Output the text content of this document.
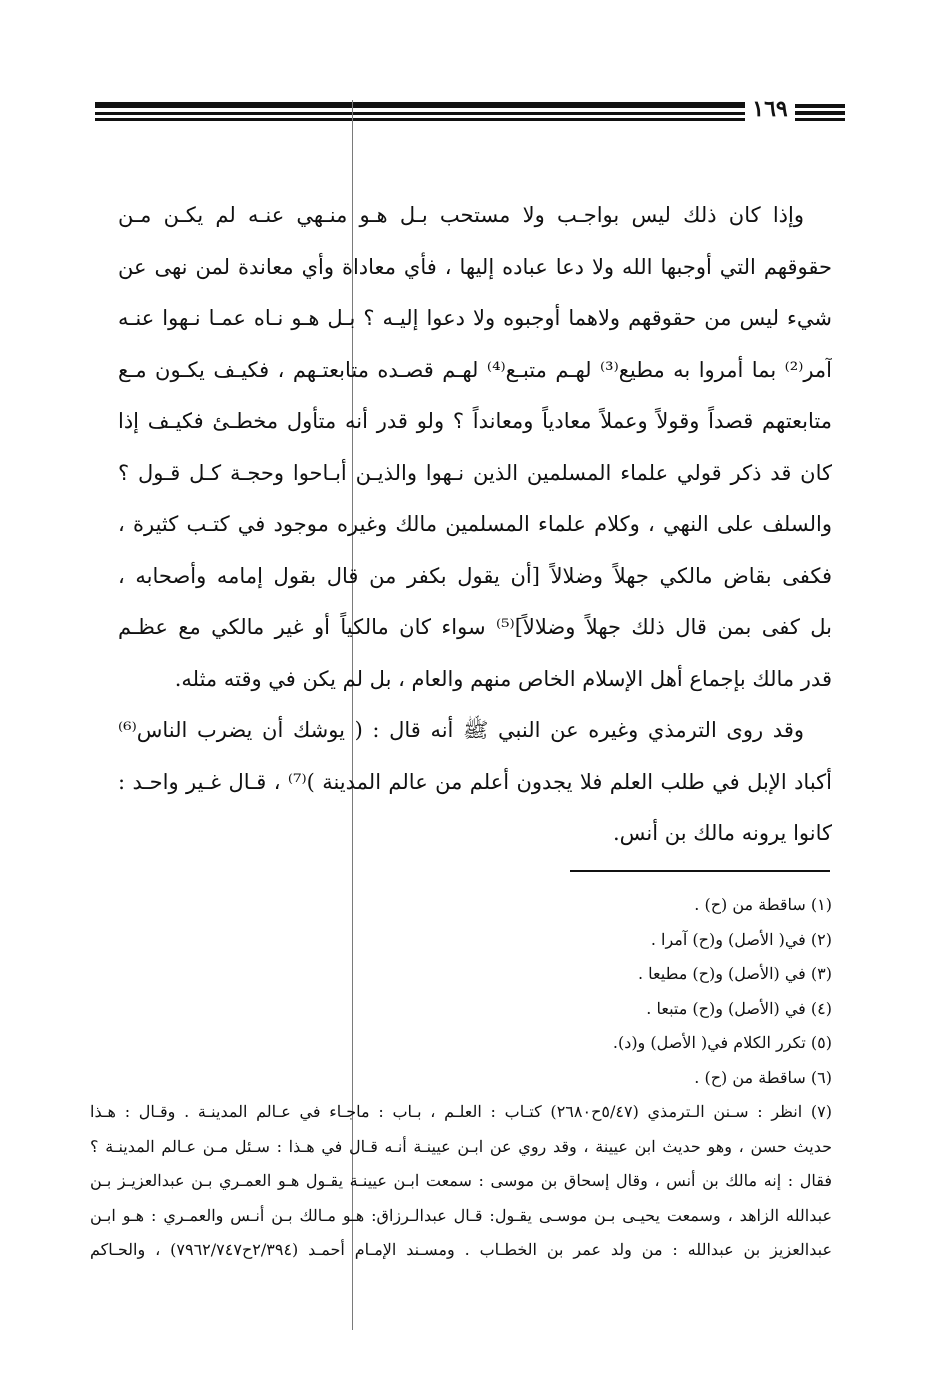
١٦٩
وإذا كان ذلك ليس بواجـب ولا مستحب بـل هـو منـهي عنـه لم يكـن مـن
حقوقهم التي أوجبها الله ولا دعا عباده إليها ، فأي معاداة وأي معاندة لمن نهى عن
شيء ليس من حقوقهم ولاهما أوجبوه ولا دعوا إليـه ؟ بـل هـو نـاه عمـا نـهوا عنـه
آمر⁽²⁾ بما أمروا به مطيع⁽³⁾ لهـم متبـع⁽⁴⁾ لهـم قصـده متابعتـهم ، فكيـف يكـون مـع
متابعتهم قصداً وقولاً وعملاً معادياً ومعانداً ؟ ولو قدر أنه متأول مخطـئ فكيـف إذا
كان قد ذكر قولي علماء المسلمين الذين نـهوا والذيـن أبـاحوا وحجـة كـل قـول ؟
والسلف على النهي ، وكلام علماء المسلمين مالك وغيره موجود في كتـب كثيرة ،
فكفى بقاض مالكي جهلاً وضلالاً [أن يقول بكفر من قال بقول إمامه وأصحابه ،
بل كفى بمن قال ذلك جهلاً وضلالاً]⁽⁵⁾ سواء كان مالكياً أو غير مالكي مع عظـم
قدر مالك بإجماع أهل الإسلام الخاص منهم والعام ، بل لم يكن في وقته مثله.
وقد روى الترمذي وغيره عن النبي ﷺ أنه قال : ( يوشك أن يضرب الناس⁽⁶⁾
أكباد الإبل في طلب العلم فلا يجدون أعلم من عالم المدينة )⁽⁷⁾ ، قـال غـير واحـد :
كانوا يرونه مالك بن أنس.
(١) ساقطة من (ح) .
(٢) في( الأصل) و(ح) آمرا .
(٣) في (الأصل) و(ح) مطيعا .
(٤) في (الأصل) و(ح) متبعا .
(٥) تكرر الكلام في( الأصل) و(د).
(٦) ساقطة من (ح) .
(٧) انظر : سـنن الـترمذي (٥/٤٧ح٢٦٨٠) كتـاب : العلـم ، بـاب : ماجـاء في عـالم المدينـة . وقـال : هـذا
حديث حسن ، وهو حديث ابن عيينة ، وقد روي عن ابـن عيينـة أنـه قـال في هـذا : سـئل مـن عـالم المدينـة ؟
فقال : إنه مالك بن أنس ، وقال إسحاق بن موسى : سمعت ابـن عيينـة يقـول هـو العمـري بـن عبدالعزيـز بـن
عبدالله الزاهد ، وسمعت يحيـى بـن موسـى يقـول: قـال عبدالـرزاق: هـو مـالك بـن أنـس والعمـري : هـو ابـن
عبدالعزيز بن عبدالله : من ولد عمر بن الخطـاب . ومسـند الإمـام أحمـد (٢/٣٩٤ح٧٩٦٢/٧٤٧) ، والحـاكم
